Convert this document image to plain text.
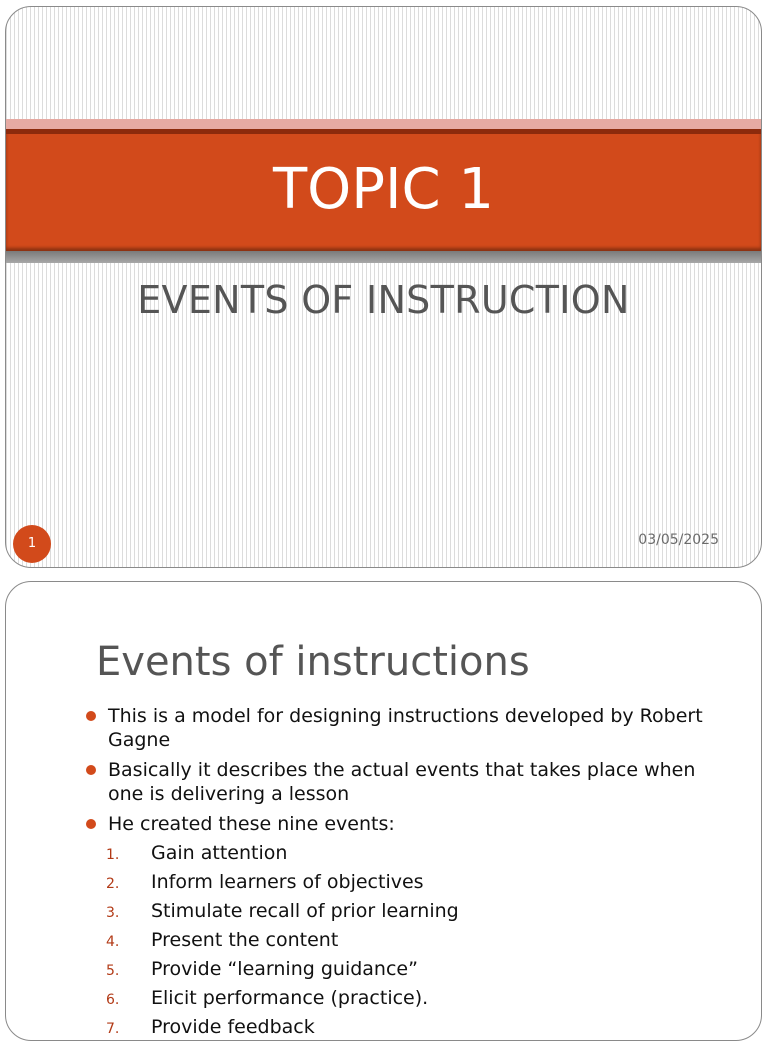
TOPIC 1
EVENTS OF INSTRUCTION
1	03/05/2025
Events of instructions
This is a model for designing instructions developed by Robert Gagne
Basically it describes the actual events that takes place when one is delivering a lesson
He created these nine events:
1.	Gain attention
2.	Inform learners of objectives
3.	Stimulate recall of prior learning
4.	Present the content
5.	Provide “learning guidance”
6.	Elicit performance (practice).
7.	Provide feedback
